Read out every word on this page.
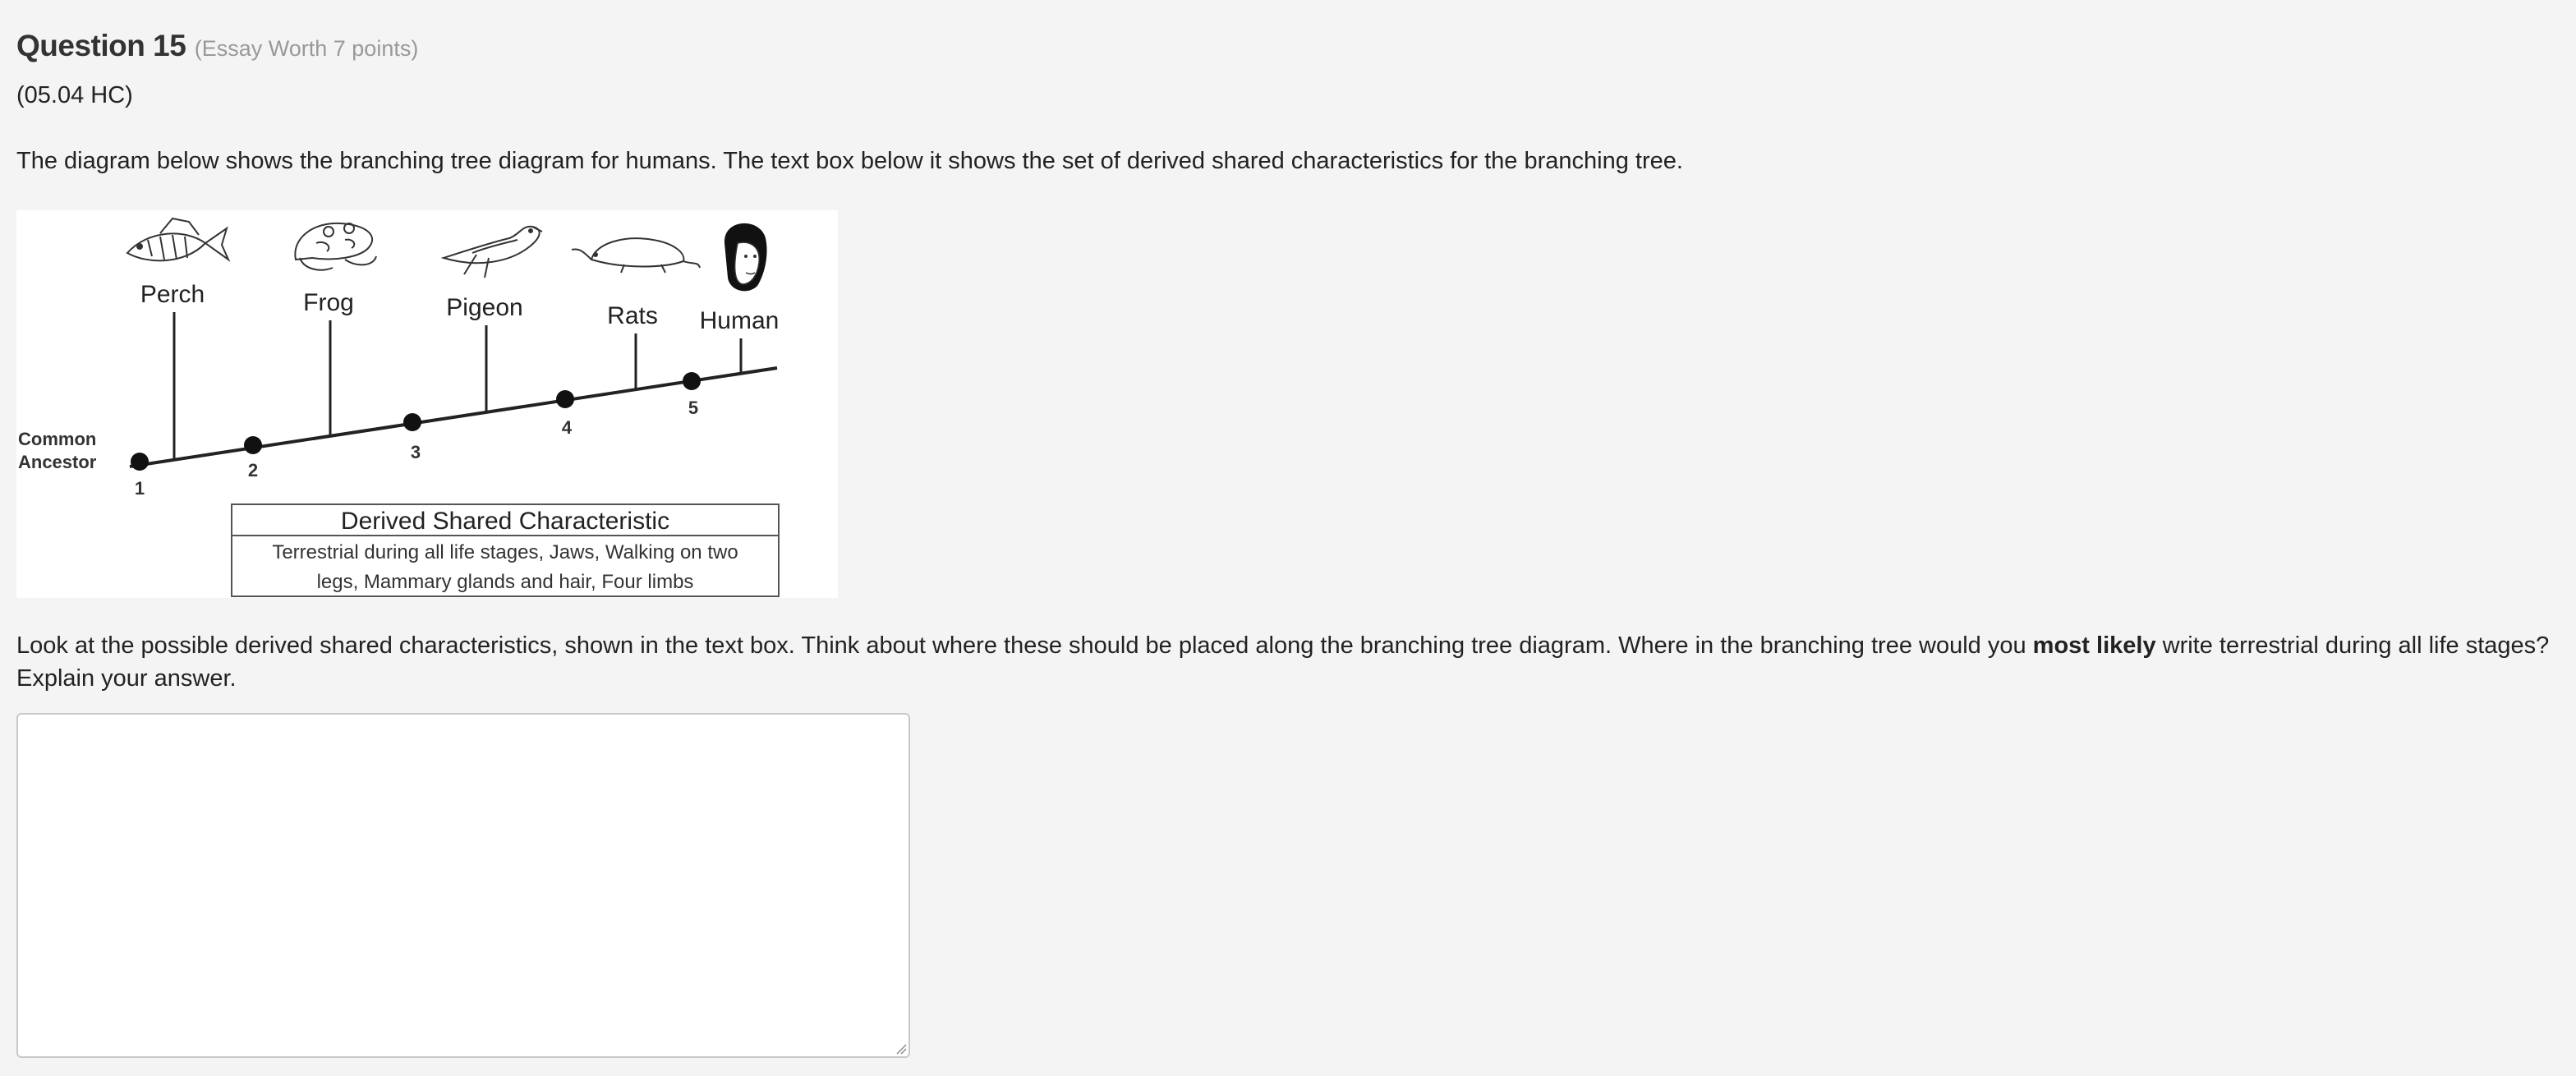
Question 15 (Essay Worth 7 points)
(05.04 HC)
The diagram below shows the branching tree diagram for humans. The text box below it shows the set of derived shared characteristics for the branching tree.
Perch	Frog	Pigeon	Rats Human
1
2
3
4
5
Common
Ancestor
Derived Shared Characteristic
Terrestrial during all life stages, Jaws, Walking on two
legs, Mammary glands and hair, Four limbs
Look at the possible derived shared characteristics, shown in the text box. Think about where these should be placed along the branching tree diagram. Where in the branching tree would you most likely write terrestrial during all life stages? Explain your answer.
